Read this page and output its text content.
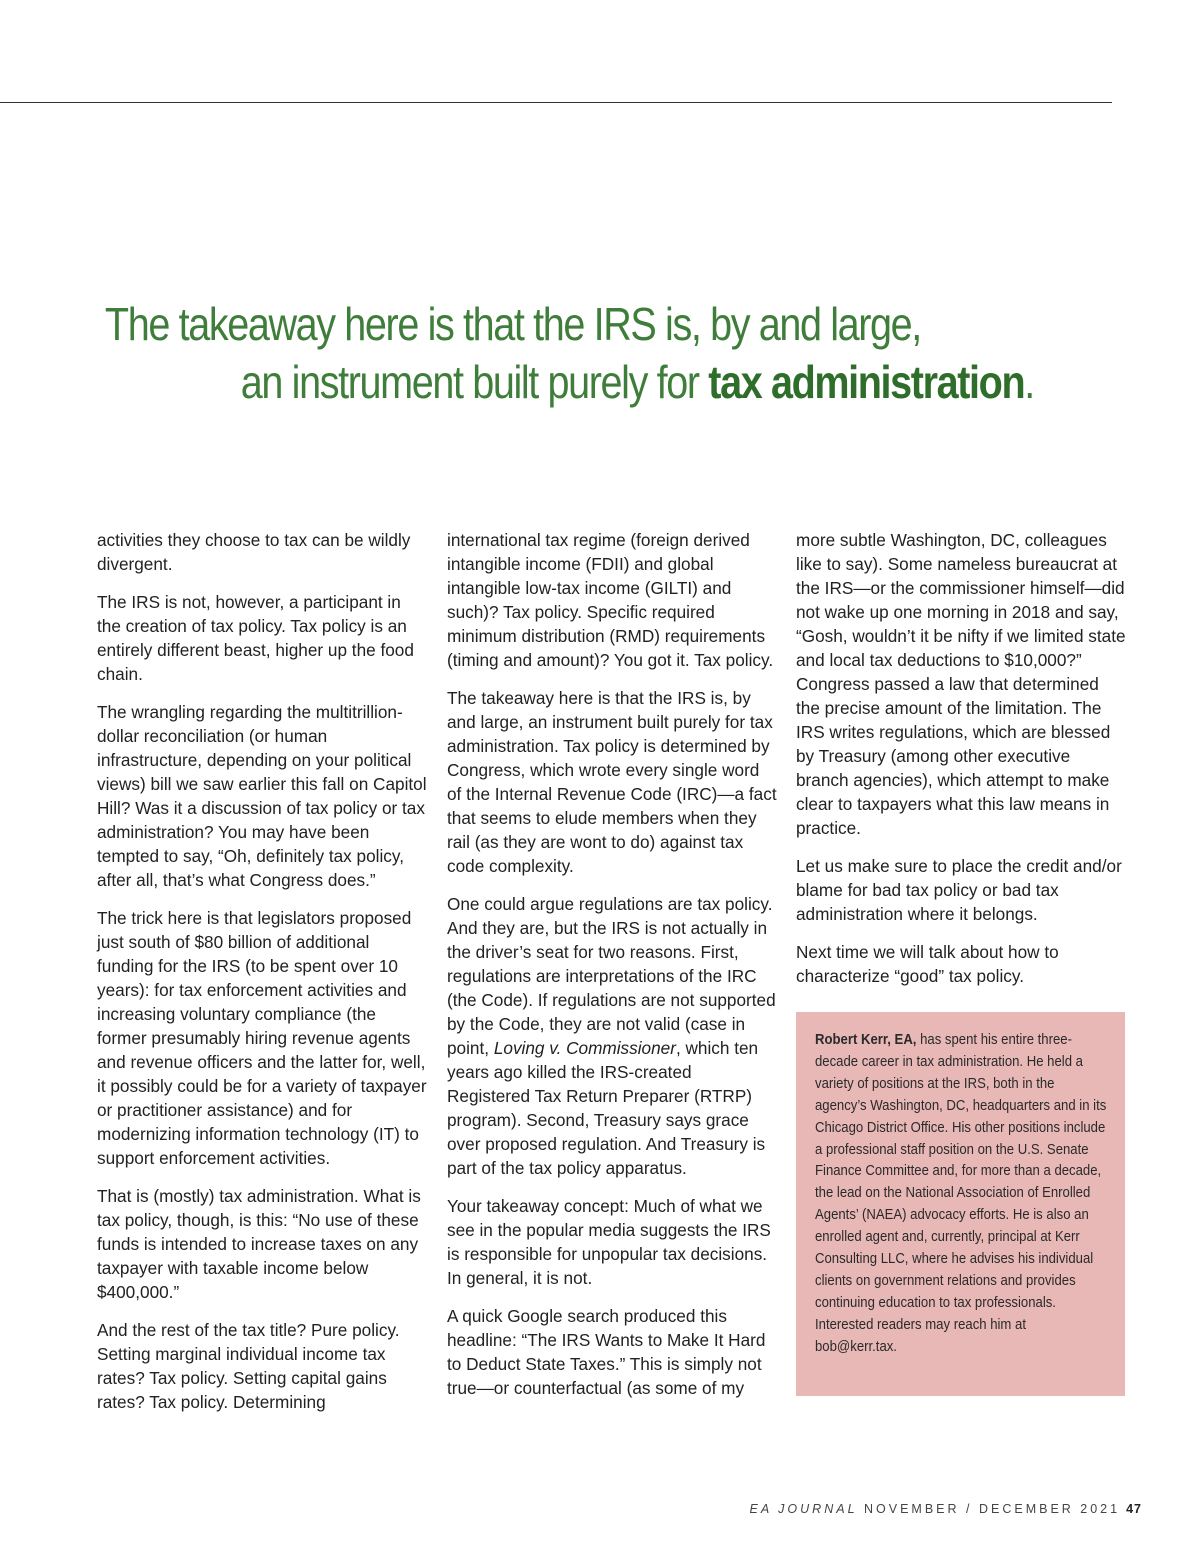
The takeaway here is that the IRS is, by and large,
an instrument built purely for tax administration.

activities they choose to tax can be wildly divergent.

The IRS is not, however, a participant in the creation of tax policy. Tax policy is an entirely different beast, higher up the food chain.

The wrangling regarding the multitrillion-dollar reconciliation (or human infrastructure, depending on your political views) bill we saw earlier this fall on Capitol Hill? Was it a discussion of tax policy or tax administration? You may have been tempted to say, “Oh, definitely tax policy, after all, that’s what Congress does.”

The trick here is that legislators proposed just south of $80 billion of additional funding for the IRS (to be spent over 10 years): for tax enforcement activities and increasing voluntary compliance (the former presumably hiring revenue agents and revenue officers and the latter for, well, it possibly could be for a variety of taxpayer or practitioner assistance) and for modernizing information technology (IT) to support enforcement activities.

That is (mostly) tax administration. What is tax policy, though, is this: “No use of these funds is intended to increase taxes on any taxpayer with taxable income below $400,000.”

And the rest of the tax title? Pure policy. Setting marginal individual income tax rates? Tax policy. Setting capital gains rates? Tax policy. Determining

international tax regime (foreign derived intangible income (FDII) and global intangible low-tax income (GILTI) and such)? Tax policy. Specific required minimum distribution (RMD) requirements (timing and amount)? You got it. Tax policy.

The takeaway here is that the IRS is, by and large, an instrument built purely for tax administration. Tax policy is determined by Congress, which wrote every single word of the Internal Revenue Code (IRC)—a fact that seems to elude members when they rail (as they are wont to do) against tax code complexity.

One could argue regulations are tax policy. And they are, but the IRS is not actually in the driver’s seat for two reasons. First, regulations are interpretations of the IRC (the Code). If regulations are not supported by the Code, they are not valid (case in point, Loving v. Commissioner, which ten years ago killed the IRS-created Registered Tax Return Preparer (RTRP) program). Second, Treasury says grace over proposed regulation. And Treasury is part of the tax policy apparatus.

Your takeaway concept: Much of what we see in the popular media suggests the IRS is responsible for unpopular tax decisions. In general, it is not.

A quick Google search produced this headline: “The IRS Wants to Make It Hard to Deduct State Taxes.” This is simply not true—or counterfactual (as some of my

more subtle Washington, DC, colleagues like to say). Some nameless bureaucrat at the IRS—or the commissioner himself—did not wake up one morning in 2018 and say, “Gosh, wouldn’t it be nifty if we limited state and local tax deductions to $10,000?” Congress passed a law that determined the precise amount of the limitation. The IRS writes regulations, which are blessed by Treasury (among other executive branch agencies), which attempt to make clear to taxpayers what this law means in practice.

Let us make sure to place the credit and/or blame for bad tax policy or bad tax administration where it belongs.

Next time we will talk about how to characterize “good” tax policy.

Robert Kerr, EA, has spent his entire three-decade career in tax administration. He held a variety of positions at the IRS, both in the agency’s Washington, DC, headquarters and in its Chicago District Office. His other positions include a professional staff position on the U.S. Senate Finance Committee and, for more than a decade, the lead on the National Association of Enrolled Agents’ (NAEA) advocacy efforts. He is also an enrolled agent and, currently, principal at Kerr Consulting LLC, where he advises his individual clients on government relations and provides continuing education to tax professionals. Interested readers may reach him at bob@kerr.tax.
EA JOURNAL NOVEMBER / DECEMBER 2021 47
